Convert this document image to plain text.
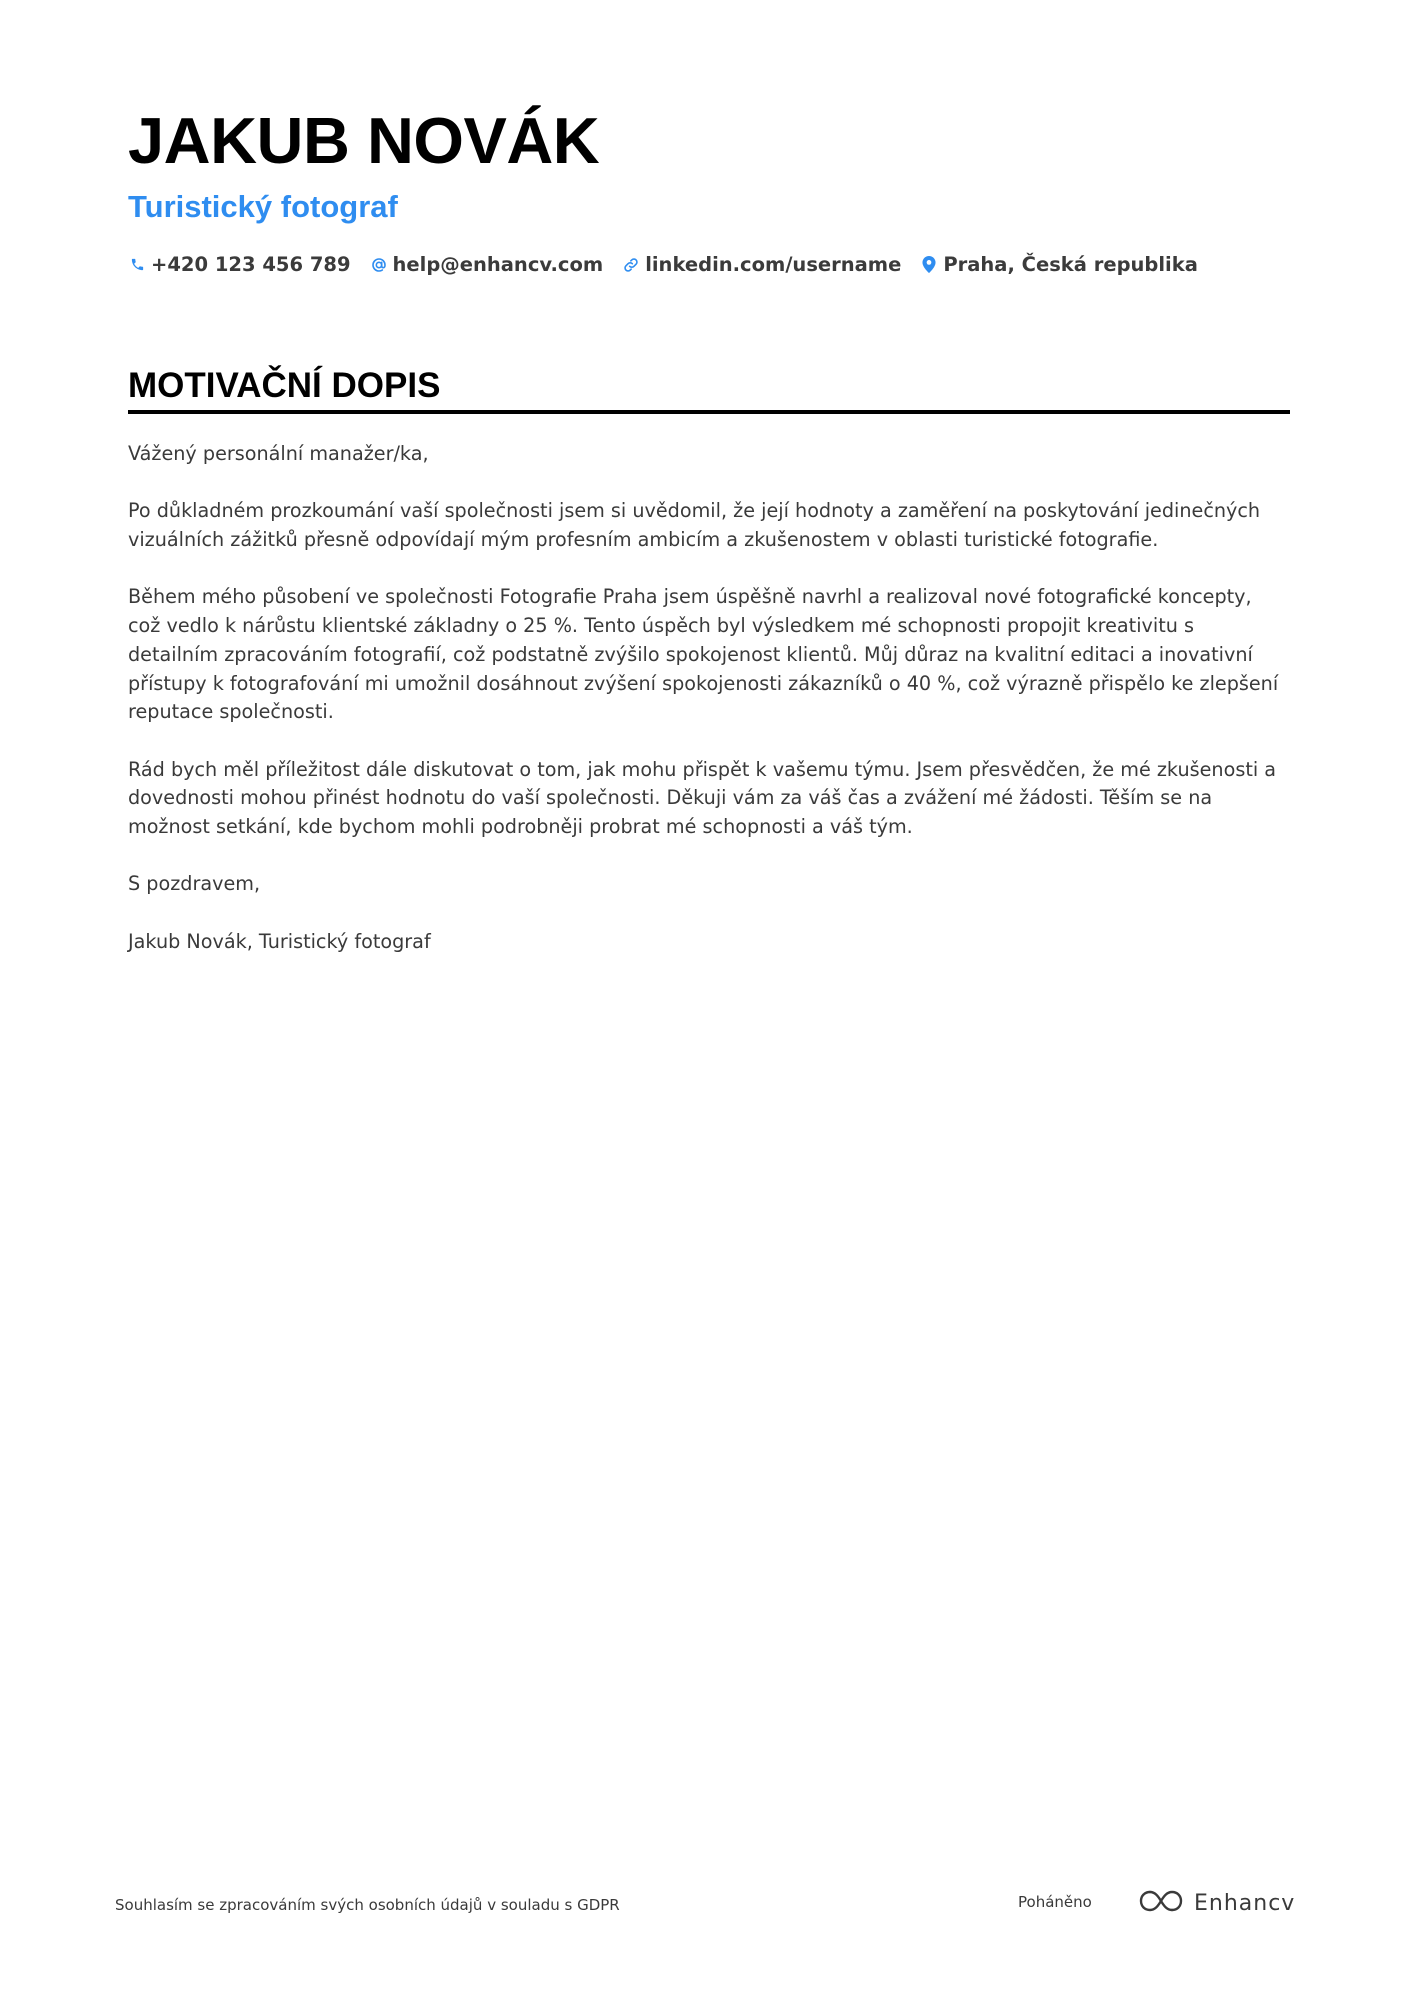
JAKUB NOVÁK
Turistický fotograf
+420 123 456 789 help@enhancv.com linkedin.com/username Praha, Česká republika
MOTIVAČNÍ DOPIS

Vážený personální manažer/ka,

Po důkladném prozkoumání vaší společnosti jsem si uvědomil, že její hodnoty a zaměření na poskytování jedinečných vizuálních zážitků přesně odpovídají mým profesním ambicím a zkušenostem v oblasti turistické fotografie.

Během mého působení ve společnosti Fotografie Praha jsem úspěšně navrhl a realizoval nové fotografické koncepty, což vedlo k nárůstu klientské základny o 25 %. Tento úspěch byl výsledkem mé schopnosti propojit kreativitu s detailním zpracováním fotografií, což podstatně zvýšilo spokojenost klientů. Můj důraz na kvalitní editaci a inovativní přístupy k fotografování mi umožnil dosáhnout zvýšení spokojenosti zákazníků o 40 %, což výrazně přispělo ke zlepšení reputace společnosti.

Rád bych měl příležitost dále diskutovat o tom, jak mohu přispět k vašemu týmu. Jsem přesvědčen, že mé zkušenosti a dovednosti mohou přinést hodnotu do vaší společnosti. Děkuji vám za váš čas a zvážení mé žádosti. Těším se na možnost setkání, kde bychom mohli podrobněji probrat mé schopnosti a váš tým.

S pozdravem,

Jakub Novák, Turistický fotograf

Souhlasím se zpracováním svých osobních údajů v souladu s GDPR	Poháněno	Enhancv
